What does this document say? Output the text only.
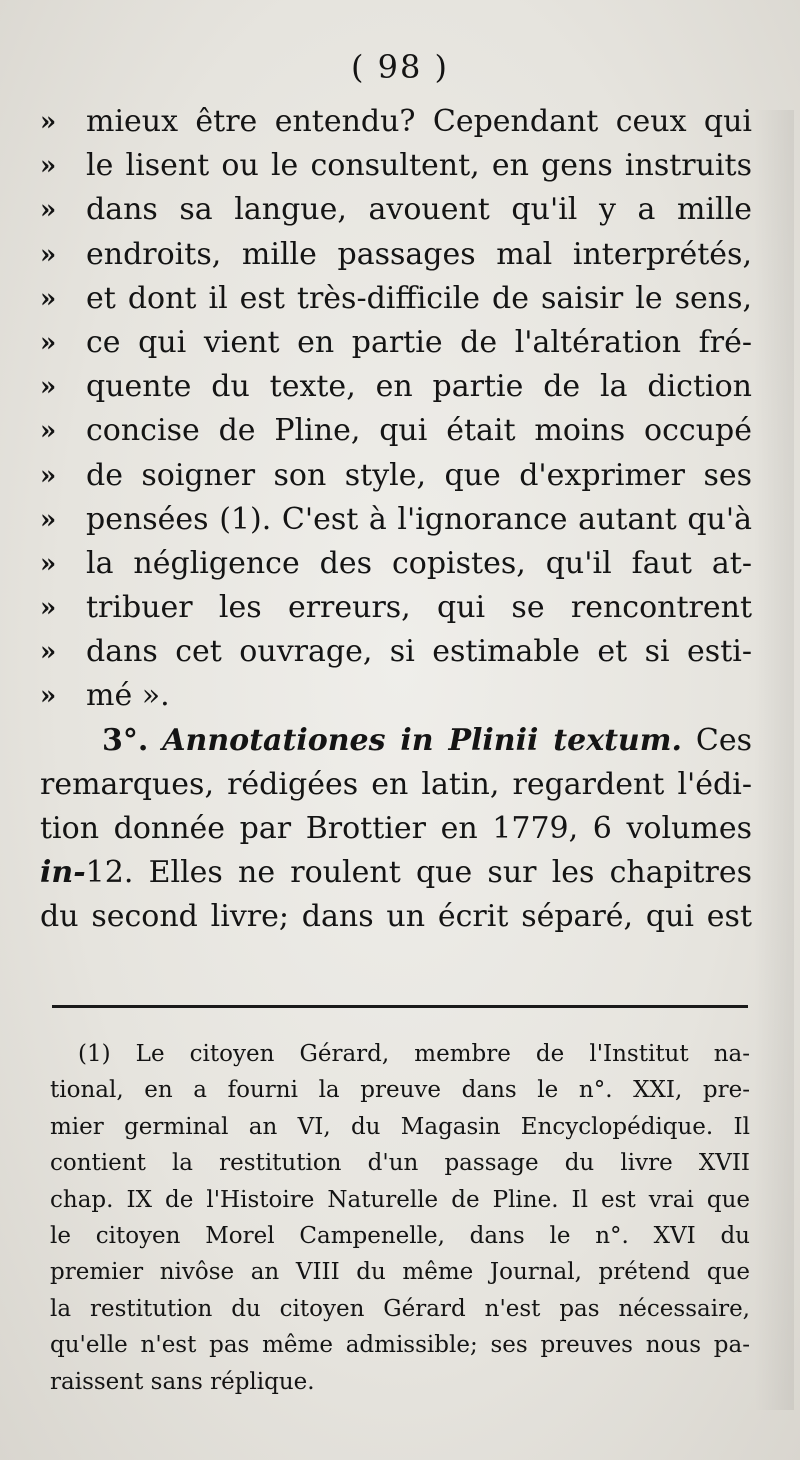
( 98 )
» mieux être entendu? Cependant ceux qui
» le lisent ou le consultent, en gens instruits
» dans sa langue, avouent qu'il y a mille
» endroits, mille passages mal interprétés,
» et dont il est très-difficile de saisir le sens,
» ce qui vient en partie de l'altération fré-
» quente du texte, en partie de la diction
» concise de Pline, qui était moins occupé
» de soigner son style, que d'exprimer ses
» pensées (1). C'est à l'ignorance autant qu'à
» la négligence des copistes, qu'il faut at-
» tribuer les erreurs, qui se rencontrent
» dans cet ouvrage, si estimable et si esti-
» mé ».
3°. Annotationes in Plinii textum. Ces
remarques, rédigées en latin, regardent l'édi-
tion donnée par Brottier en 1779, 6 volumes
in-12. Elles ne roulent que sur les chapitres
du second livre; dans un écrit séparé, qui est
(1) Le citoyen Gérard, membre de l'Institut na-
tional, en a fourni la preuve dans le n°. XXI, pre-
mier germinal an VI, du Magasin Encyclopédique. Il
contient la restitution d'un passage du livre XVII
chap. IX de l'Histoire Naturelle de Pline. Il est vrai que
le citoyen Morel Campenelle, dans le n°. XVI du
premier nivôse an VIII du même Journal, prétend que
la restitution du citoyen Gérard n'est pas nécessaire,
qu'elle n'est pas même admissible; ses preuves nous pa-
raissent sans réplique.
